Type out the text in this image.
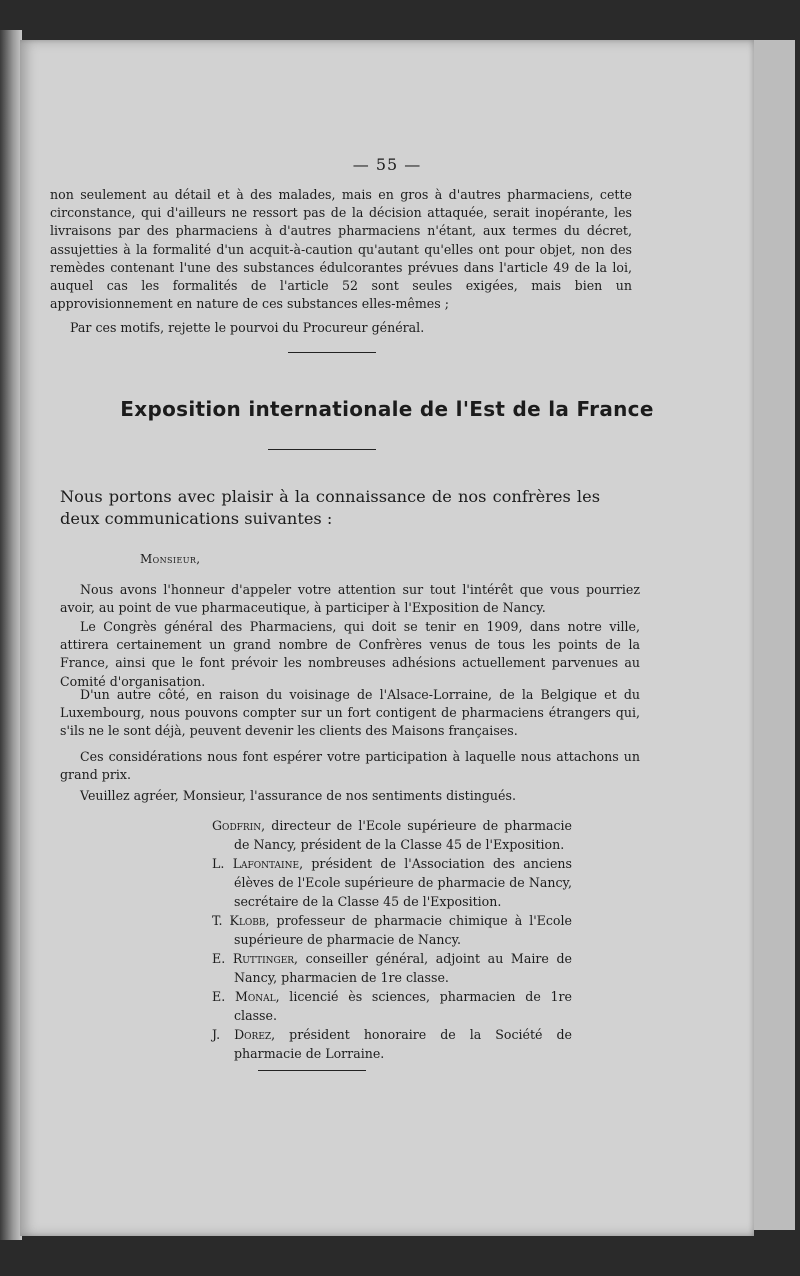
— 55 —

non seulement au détail et à des malades, mais en gros à d'autres pharmaciens, cette circonstance, qui d'ailleurs ne ressort pas de la décision attaquée, serait inopérante, les livraisons par des pharmaciens à d'autres pharmaciens n'étant, aux termes du décret, assujetties à la formalité d'un acquit-à-caution qu'autant qu'elles ont pour objet, non des remèdes contenant l'une des substances édulcorantes prévues dans l'article 49 de la loi, auquel cas les formalités de l'article 52 sont seules exigées, mais bien un approvisionnement en nature de ces substances elles-mêmes ;

Par ces motifs, rejette le pourvoi du Procureur général.

Exposition internationale de l'Est de la France

Nous portons avec plaisir à la connaissance de nos confrères les deux communications suivantes :

Monsieur,

Nous avons l'honneur d'appeler votre attention sur tout l'intérêt que vous pourriez avoir, au point de vue pharmaceutique, à participer à l'Exposition de Nancy.

Le Congrès général des Pharmaciens, qui doit se tenir en 1909, dans notre ville, attirera certainement un grand nombre de Confrères venus de tous les points de la France, ainsi que le font prévoir les nombreuses adhésions actuellement parvenues au Comité d'organisation.

D'un autre côté, en raison du voisinage de l'Alsace-Lorraine, de la Belgique et du Luxembourg, nous pouvons compter sur un fort contigent de pharmaciens étrangers qui, s'ils ne le sont déjà, peuvent devenir les clients des Maisons françaises.

Ces considérations nous font espérer votre participation à laquelle nous attachons un grand prix.

Veuillez agréer, Monsieur, l'assurance de nos sentiments distingués.

Godfrin, directeur de l'Ecole supérieure de pharmacie de Nancy, président de la Classe 45 de l'Exposition.
L. Lafontaine, président de l'Association des anciens élèves de l'Ecole supérieure de pharmacie de Nancy, secrétaire de la Classe 45 de l'Exposition.
T. Klobb, professeur de pharmacie chimique à l'Ecole supérieure de pharmacie de Nancy.
E. Ruttinger, conseiller général, adjoint au Maire de Nancy, pharmacien de 1re classe.
E. Monal, licencié ès sciences, pharmacien de 1re classe.
J. Dorez, président honoraire de la Société de pharmacie de Lorraine.
